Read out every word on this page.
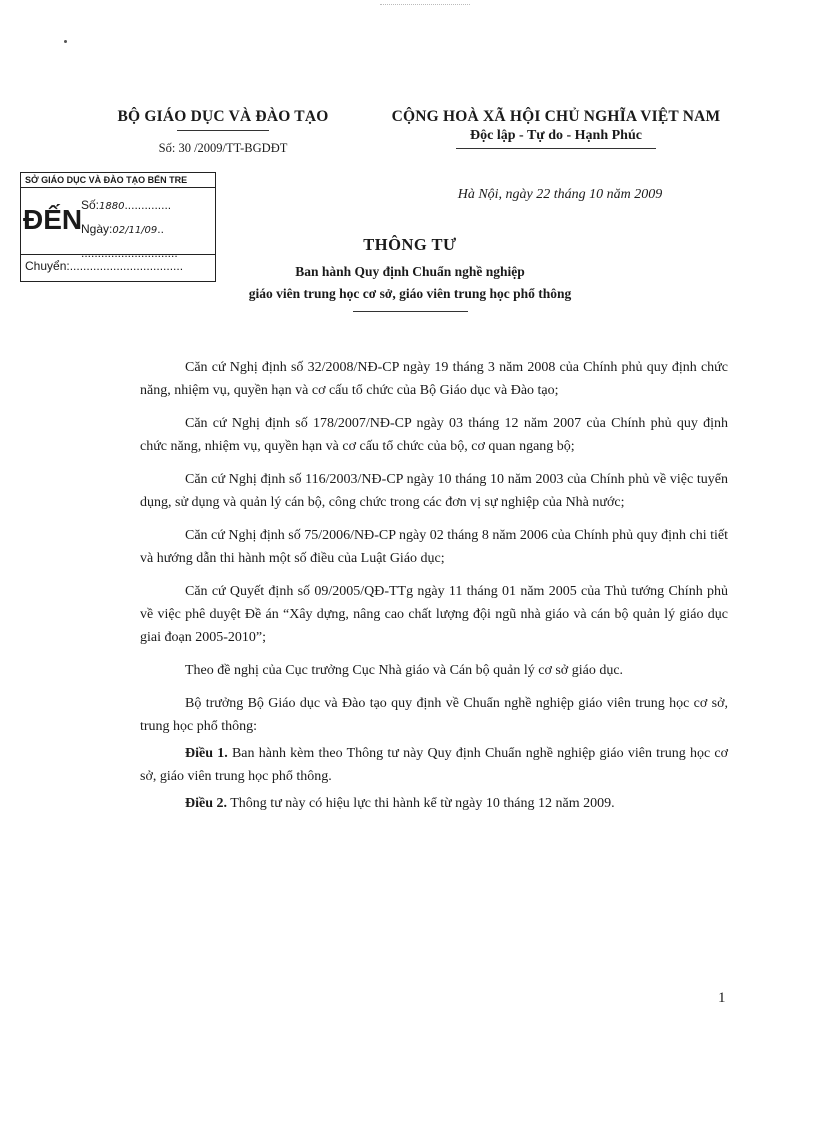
BỘ GIÁO DỤC VÀ ĐÀO TẠO
Số: 30 /2009/TT-BGDĐT
CỘNG HOÀ XÃ HỘI CHỦ NGHĨA VIỆT NAM
Độc lập - Tự do - Hạnh Phúc
Hà Nội, ngày 22 tháng 10 năm 2009
SỞ GIÁO DỤC VÀ ĐÀO TẠO BẾN TRE
ĐẾN
Số:1880..............
Ngày:02/11/09..
.............................
Chuyển:..................................
THÔNG TƯ
Ban hành Quy định Chuẩn nghề nghiệp
giáo viên trung học cơ sở, giáo viên trung học phổ thông

Căn cứ Nghị định số 32/2008/NĐ-CP ngày 19 tháng 3 năm 2008 của Chính phủ quy định chức năng, nhiệm vụ, quyền hạn và cơ cấu tổ chức của Bộ Giáo dục và Đào tạo;

Căn cứ Nghị định số 178/2007/NĐ-CP ngày 03 tháng 12 năm 2007 của Chính phủ quy định chức năng, nhiệm vụ, quyền hạn và cơ cấu tổ chức của bộ, cơ quan ngang bộ;

Căn cứ Nghị định số 116/2003/NĐ-CP ngày 10 tháng 10 năm 2003 của Chính phủ về việc tuyển dụng, sử dụng và quản lý cán bộ, công chức trong các đơn vị sự nghiệp của Nhà nước;

Căn cứ Nghị định số 75/2006/NĐ-CP ngày 02 tháng 8 năm 2006 của Chính phủ quy định chi tiết và hướng dẫn thi hành một số điều của Luật Giáo dục;

Căn cứ Quyết định số 09/2005/QĐ-TTg ngày 11 tháng 01 năm 2005 của Thủ tướng Chính phủ về việc phê duyệt Đề án “Xây dựng, nâng cao chất lượng đội ngũ nhà giáo và cán bộ quản lý giáo dục giai đoạn 2005-2010”;

Theo đề nghị của Cục trưởng Cục Nhà giáo và Cán bộ quản lý cơ sở giáo dục.

Bộ trưởng Bộ Giáo dục và Đào tạo quy định về Chuẩn nghề nghiệp giáo viên trung học cơ sở, trung học phổ thông:

Điều 1. Ban hành kèm theo Thông tư này Quy định Chuẩn nghề nghiệp giáo viên trung học cơ sở, giáo viên trung học phổ thông.

Điều 2. Thông tư này có hiệu lực thi hành kể từ ngày 10 tháng 12 năm 2009.

1
